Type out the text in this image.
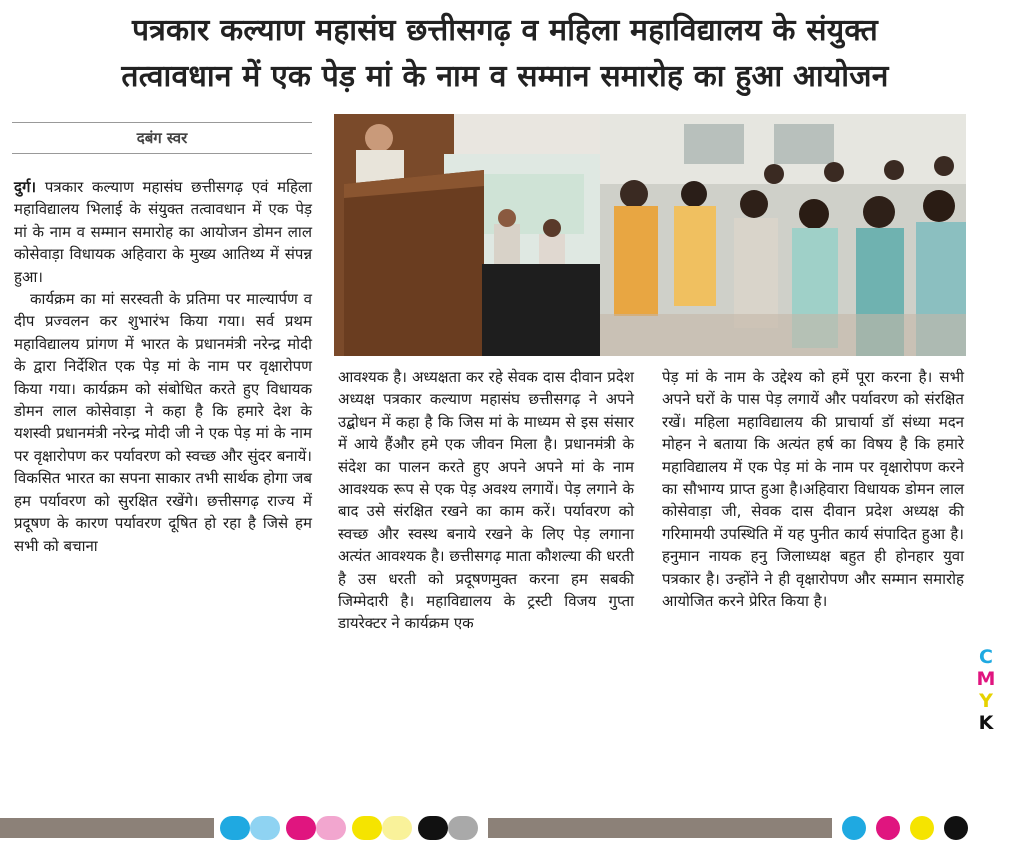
पत्रकार कल्याण महासंघ छत्तीसगढ़ व महिला महाविद्यालय के संयुक्त
तत्वावधान में एक पेड़ मां के नाम व सम्मान समारोह का हुआ आयोजन
दबंग स्वर

दुर्ग। पत्रकार कल्याण महासंघ छत्तीसगढ़ एवं महिला महाविद्यालय भिलाई के संयुक्त तत्वावधान में एक पेड़ मां के नाम व सम्मान समारोह का आयोजन डोमन लाल कोसेवाड़ा विधायक अहिवारा के मुख्य आतिथ्य में संपन्न हुआ।

कार्यक्रम का मां सरस्वती के प्रतिमा पर माल्यार्पण व दीप प्रज्वलन कर शुभारंभ किया गया। सर्व प्रथम महाविद्यालय प्रांगण में भारत के प्रधानमंत्री नरेन्द्र मोदी के द्वारा निर्देशित एक पेड़ मां के नाम पर वृक्षारोपण किया गया। कार्यक्रम को संबोधित करते हुए विधायक डोमन लाल कोसेवाड़ा ने कहा है कि हमारे देश के यशस्वी प्रधानमंत्री नरेन्द्र मोदी जी ने एक पेड़ मां के नाम पर वृक्षारोपण कर पर्यावरण को स्वच्छ और सुंदर बनायें। विकसित भारत का सपना साकार तभी सार्थक होगा जब हम पर्यावरण को सुरक्षित रखेंगे। छत्तीसगढ़ राज्य में प्रदूषण के कारण पर्यावरण दूषित हो रहा है जिसे हम सभी को बचाना

आवश्यक है। अध्यक्षता कर रहे सेवक दास दीवान प्रदेश अध्यक्ष पत्रकार कल्याण महासंघ छत्तीसगढ़ ने अपने उद्बोधन में कहा है कि जिस मां के माध्यम से इस संसार में आये हैंऔर हमे एक जीवन मिला है। प्रधानमंत्री के संदेश का पालन करते हुए अपने अपने मां के नाम आवश्यक रूप से एक पेड़ अवश्य लगायें। पेड़ लगाने के बाद उसे संरक्षित रखने का काम करें। पर्यावरण को स्वच्छ और स्वस्थ बनाये रखने के लिए पेड़ लगाना अत्यंत आवश्यक है। छत्तीसगढ़ माता कौशल्या की धरती है उस धरती को प्रदूषणमुक्त करना हम सबकी जिम्मेदारी है। महाविद्यालय के ट्रस्टी विजय गुप्ता डायरेक्टर ने कार्यक्रम एक

पेड़ मां के नाम के उद्देश्य को हमें पूरा करना है। सभी अपने घरों के पास पेड़ लगायें और पर्यावरण को संरक्षित रखें। महिला महाविद्यालय की प्राचार्या डॉ संध्या मदन मोहन ने बताया कि अत्यंत हर्ष का विषय है कि हमारे महाविद्यालय में एक पेड़ मां के नाम पर वृक्षारोपण करने का सौभाग्य प्राप्त हुआ है।अहिवारा विधायक डोमन लाल कोसेवाड़ा जी, सेवक दास दीवान प्रदेश अध्यक्ष की गरिमामयी उपस्थिति में यह पुनीत कार्य संपादित हुआ है। हनुमान नायक हनु जिलाध्यक्ष बहुत ही होनहार युवा पत्रकार है। उन्होंने ने ही वृक्षारोपण और सम्मान समारोह आयोजित करने प्रेरित किया है।

C
M
Y
K
